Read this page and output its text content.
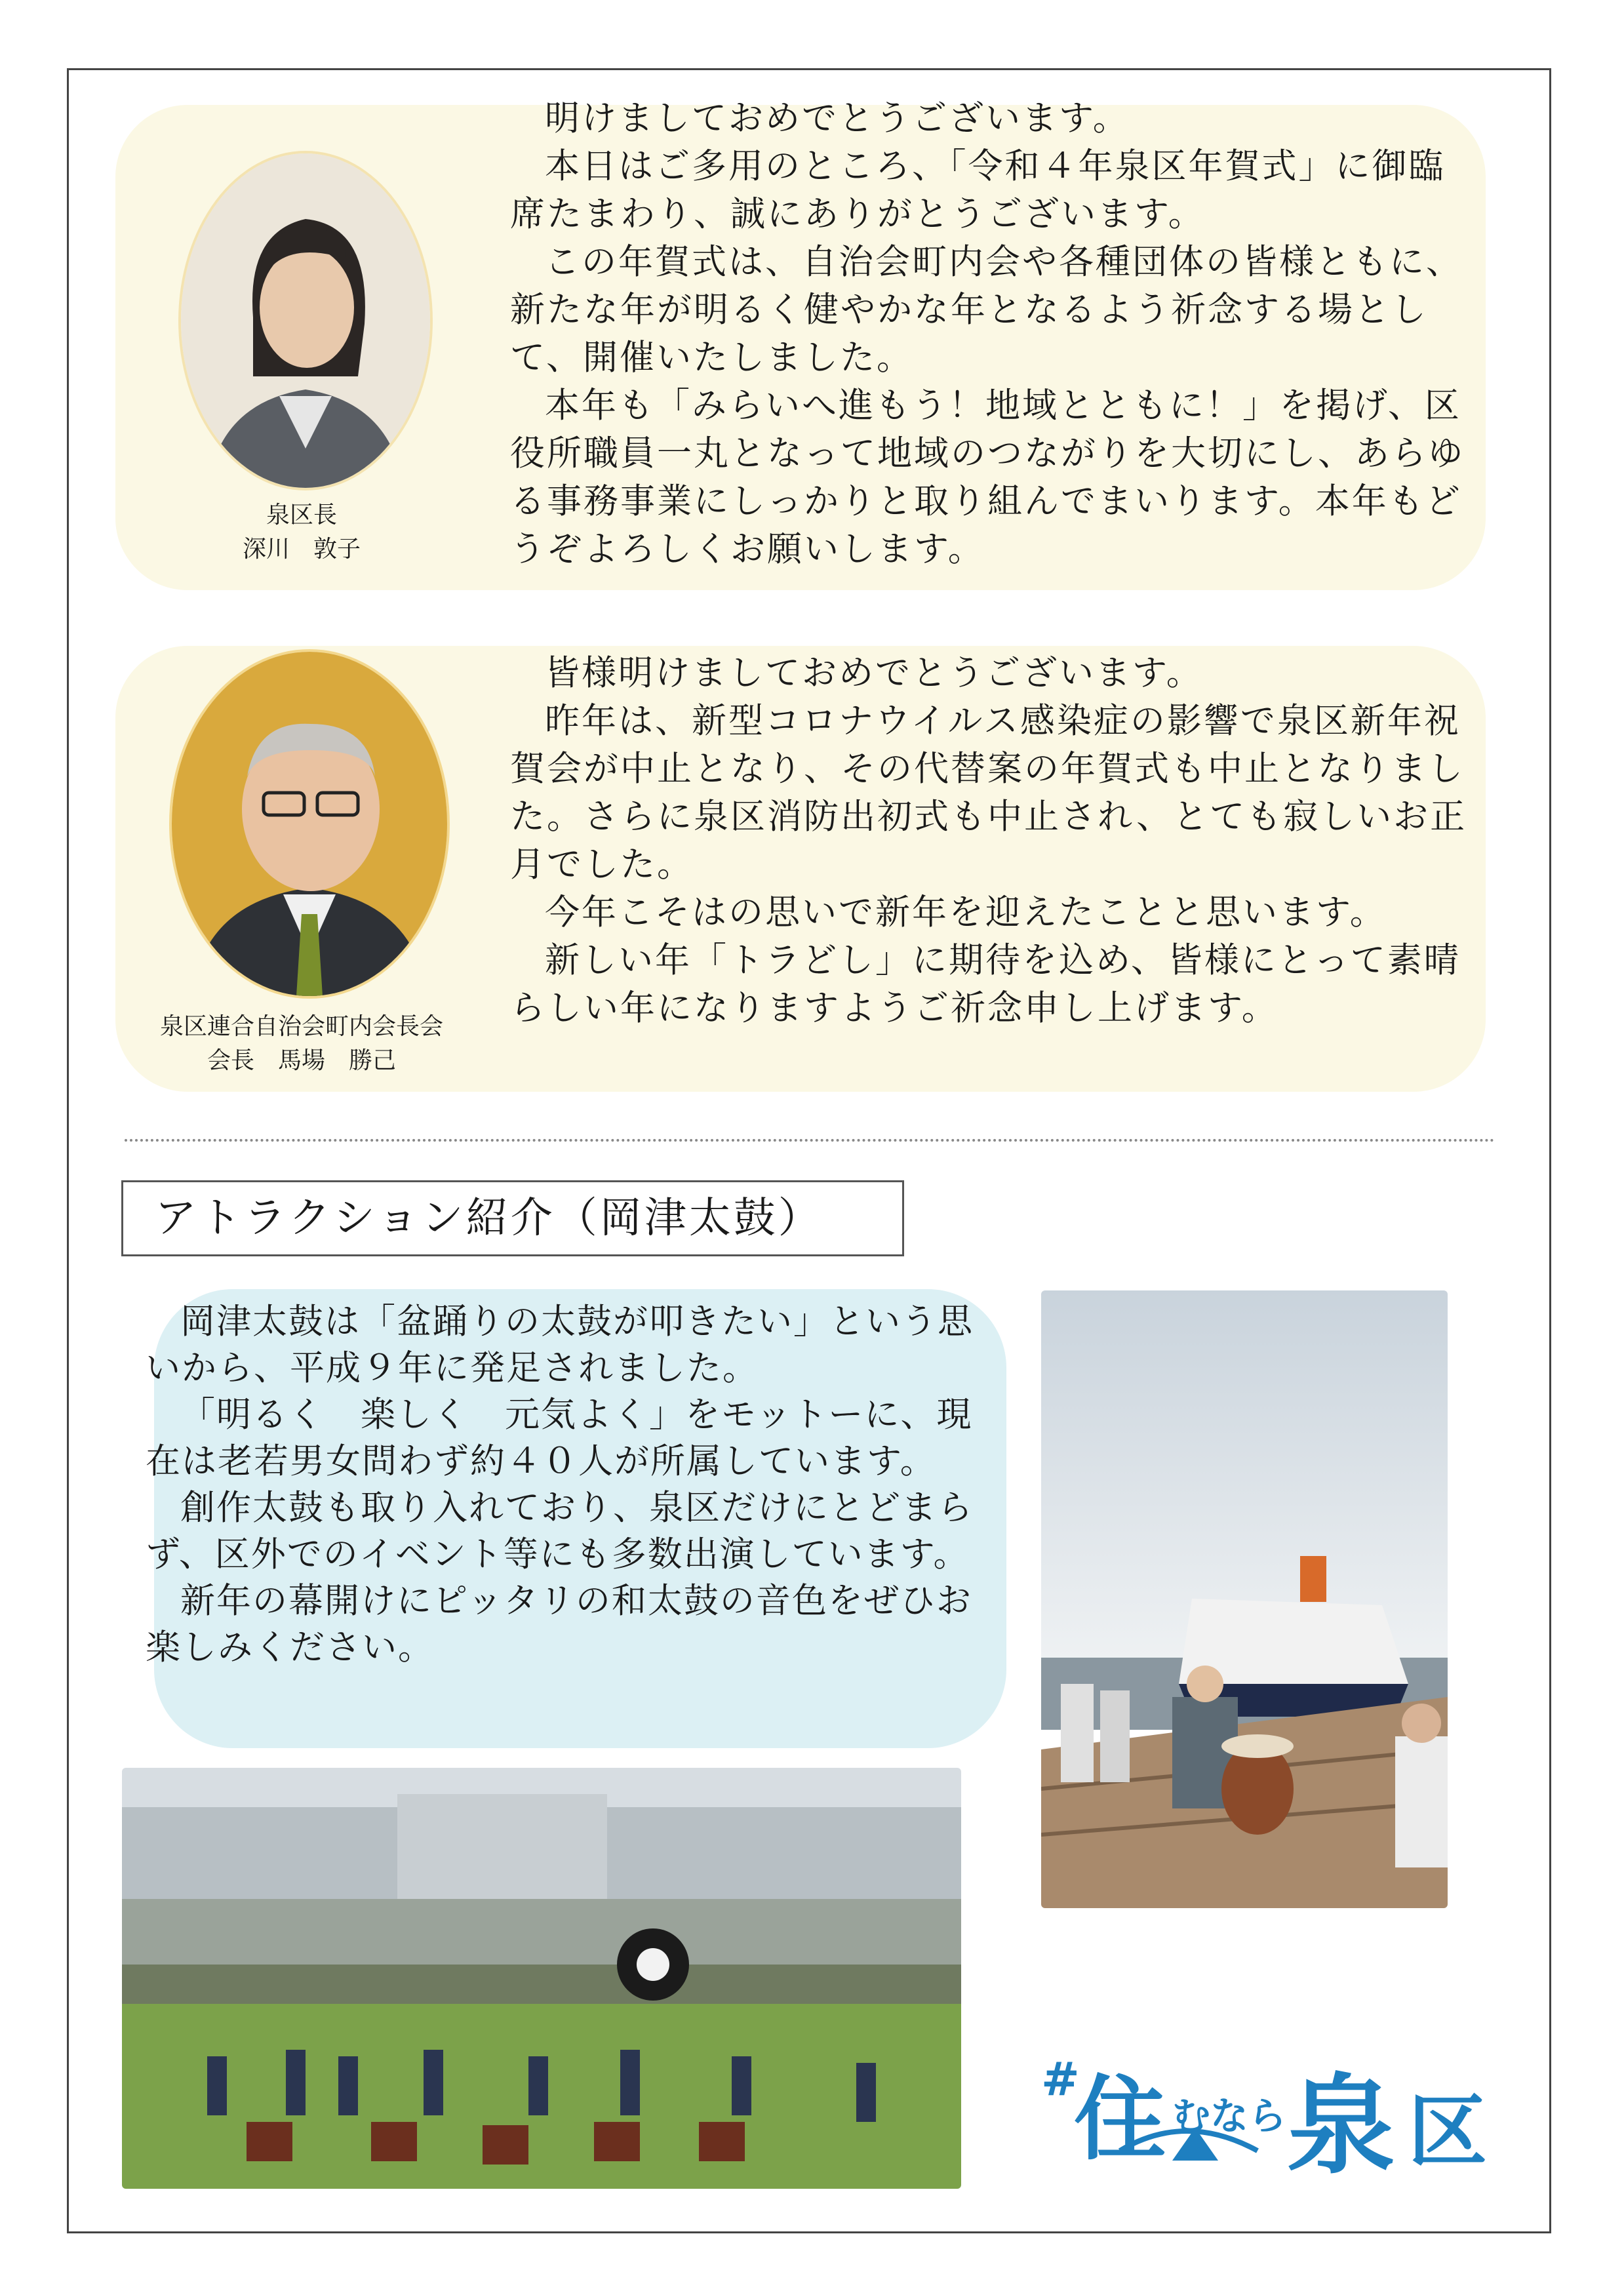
泉区長
深川　敦子

明けましておめでとうございます。

本日はご多用のところ、「令和４年泉区年賀式」に御臨席たまわり、誠にありがとうございます。

この年賀式は、自治会町内会や各種団体の皆様ともに、新たな年が明るく健やかな年となるよう祈念する場として、開催いたしました。

本年も「みらいへ進もう！地域とともに！」を掲げ、区役所職員一丸となって地域のつながりを大切にし、あらゆる事務事業にしっかりと取り組んでまいります。本年もどうぞよろしくお願いします。

泉区連合自治会町内会長会
会長　馬場　勝己

皆様明けましておめでとうございます。

昨年は、新型コロナウイルス感染症の影響で泉区新年祝賀会が中止となり、その代替案の年賀式も中止となりました。さらに泉区消防出初式も中止され、とても寂しいお正月でした。

今年こそはの思いで新年を迎えたことと思います。

新しい年「トラどし」に期待を込め、皆様にとって素晴らしい年になりますようご祈念申し上げます。

アトラクション紹介（岡津太鼓）

岡津太鼓は「盆踊りの太鼓が叩きたい」という思いから、平成９年に発足されました。

「明るく　楽しく　元気よく」をモットーに、現在は老若男女問わず約４０人が所属しています。

創作太鼓も取り入れており、泉区だけにとどまらず、区外でのイベント等にも多数出演しています。

新年の幕開けにピッタリの和太鼓の音色をぜひお楽しみください。

#
住 むなら 泉 区
